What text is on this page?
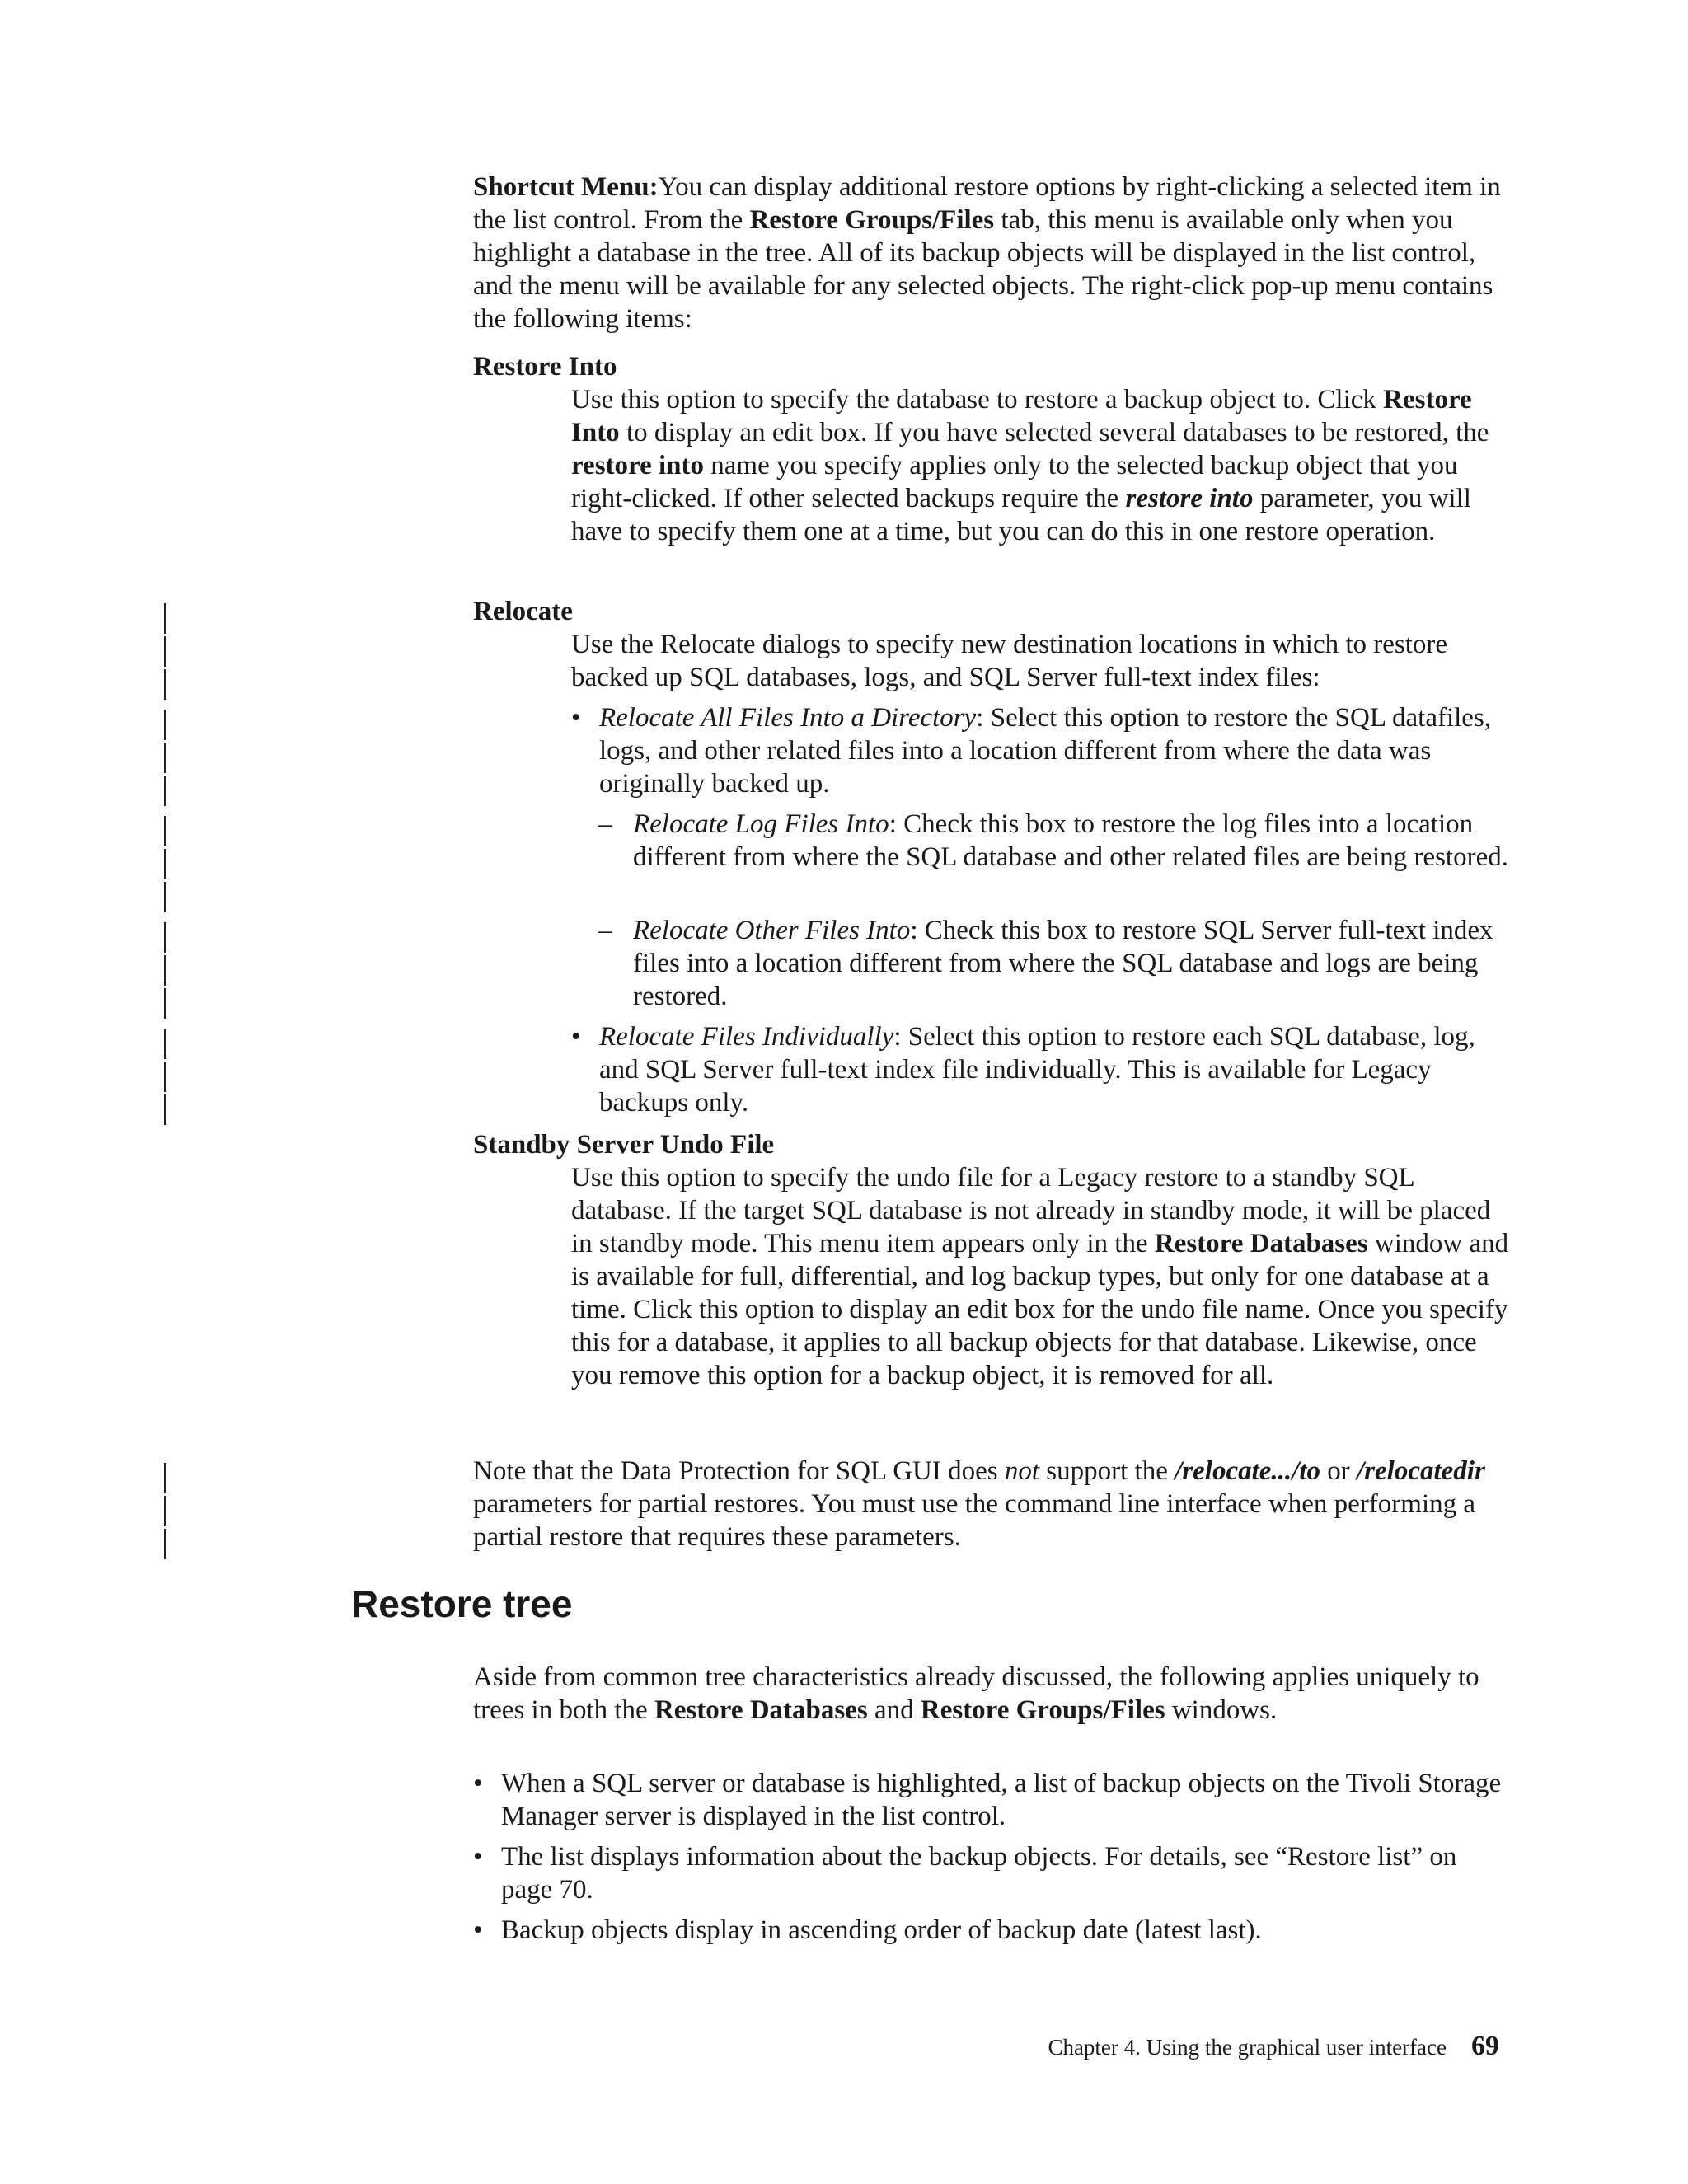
Shortcut Menu:You can display additional restore options by right-clicking a selected item in the list control. From the Restore Groups/Files tab, this menu is available only when you highlight a database in the tree. All of its backup objects will be displayed in the list control, and the menu will be available for any selected objects. The right-click pop-up menu contains the following items:

Restore Into

Use this option to specify the database to restore a backup object to. Click Restore Into to display an edit box. If you have selected several databases to be restored, the restore into name you specify applies only to the selected backup object that you right-clicked. If other selected backups require the restore into parameter, you will have to specify them one at a time, but you can do this in one restore operation.

Relocate

Use the Relocate dialogs to specify new destination locations in which to restore backed up SQL databases, logs, and SQL Server full-text index files:

• Relocate All Files Into a Directory: Select this option to restore the SQL datafiles, logs, and other related files into a location different from where the data was originally backed up.
– Relocate Log Files Into: Check this box to restore the log files into a location different from where the SQL database and other related files are being restored.
– Relocate Other Files Into: Check this box to restore SQL Server full-text index files into a location different from where the SQL database and logs are being restored.
• Relocate Files Individually: Select this option to restore each SQL database, log, and SQL Server full-text index file individually. This is available for Legacy backups only.
Standby Server Undo File

Use this option to specify the undo file for a Legacy restore to a standby SQL database. If the target SQL database is not already in standby mode, it will be placed in standby mode. This menu item appears only in the Restore Databases window and is available for full, differential, and log backup types, but only for one database at a time. Click this option to display an edit box for the undo file name. Once you specify this for a database, it applies to all backup objects for that database. Likewise, once you remove this option for a backup object, it is removed for all.

Note that the Data Protection for SQL GUI does not support the /relocate.../to or /relocatedir parameters for partial restores. You must use the command line interface when performing a partial restore that requires these parameters.

Restore tree

Aside from common tree characteristics already discussed, the following applies uniquely to trees in both the Restore Databases and Restore Groups/Files windows.

• When a SQL server or database is highlighted, a list of backup objects on the Tivoli Storage Manager server is displayed in the list control.
• The list displays information about the backup objects. For details, see “Restore list” on page 70.
• Backup objects display in ascending order of backup date (latest last).
Chapter 4. Using the graphical user interface 69
